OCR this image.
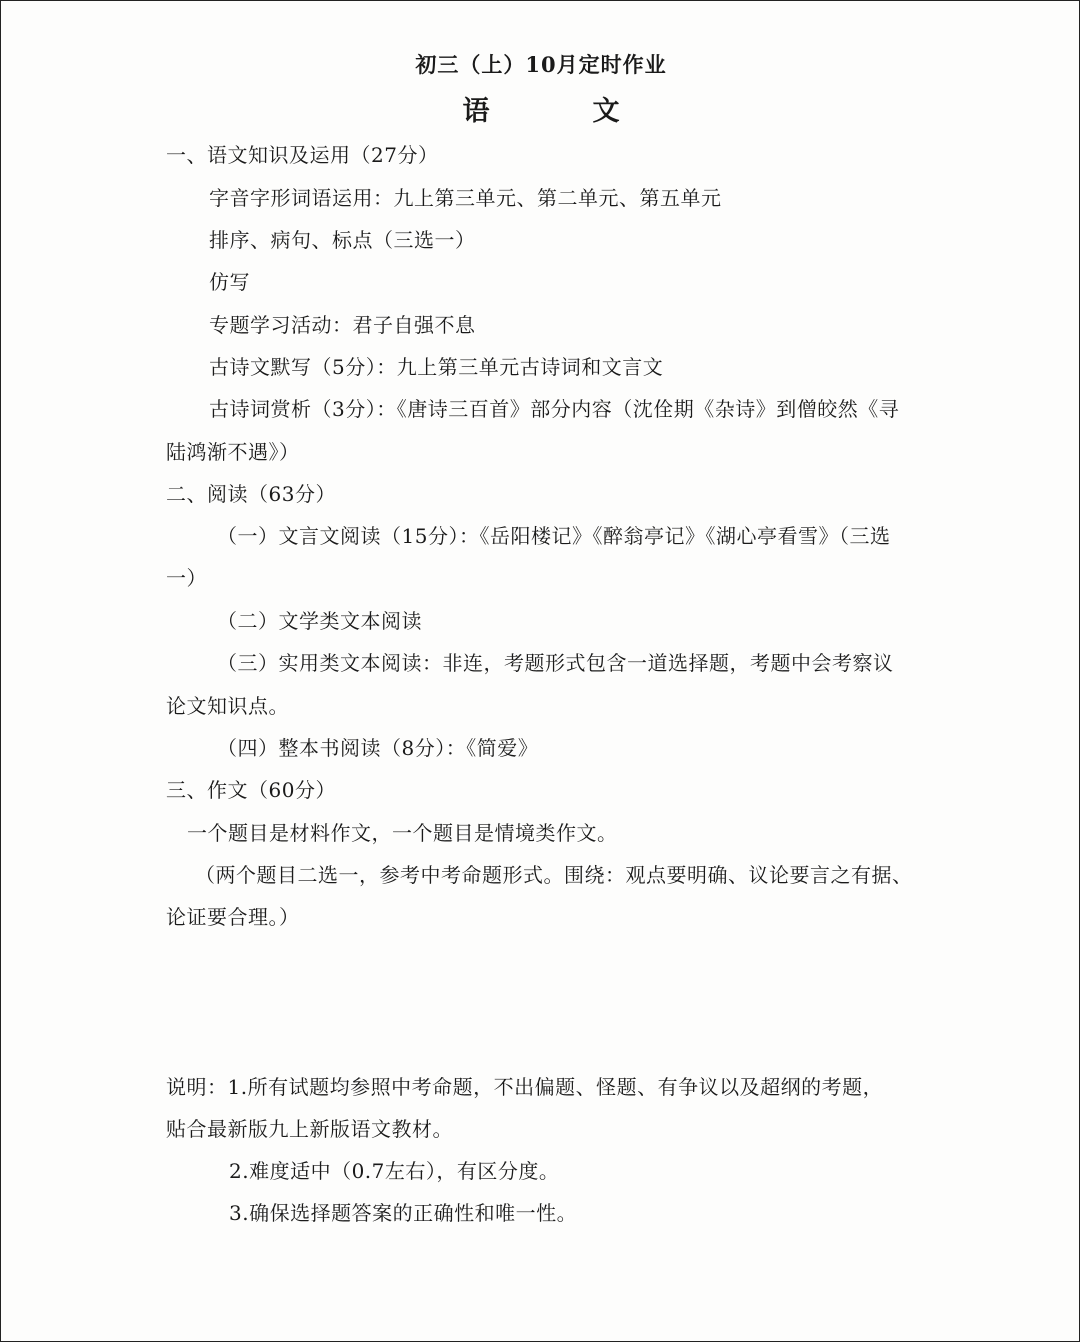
初三（上）10月定时作业
语　文
一、语文知识及运用（27分）
字音字形词语运用：九上第三单元、第二单元、第五单元
排序、病句、标点（三选一）
仿写
专题学习活动：君子自强不息
古诗文默写（5分）：九上第三单元古诗词和文言文
古诗词赏析（3分）：《唐诗三百首》部分内容（沈佺期《杂诗》到僧皎然《寻
陆鸿渐不遇》）
二、阅读（63分）
（一）文言文阅读（15分）：《岳阳楼记》《醉翁亭记》《湖心亭看雪》（三选
一）
（二）文学类文本阅读
（三）实用类文本阅读：非连，考题形式包含一道选择题，考题中会考察议
论文知识点。
（四）整本书阅读（8分）：《简爱》
三、作文（60分）
一个题目是材料作文，一个题目是情境类作文。
（两个题目二选一，参考中考命题形式。围绕：观点要明确、议论要言之有据、
论证要合理。）
说明：1.所有试题均参照中考命题，不出偏题、怪题、有争议以及超纲的考题，
贴合最新版九上新版语文教材。
2.难度适中（0.7左右），有区分度。
3.确保选择题答案的正确性和唯一性。
